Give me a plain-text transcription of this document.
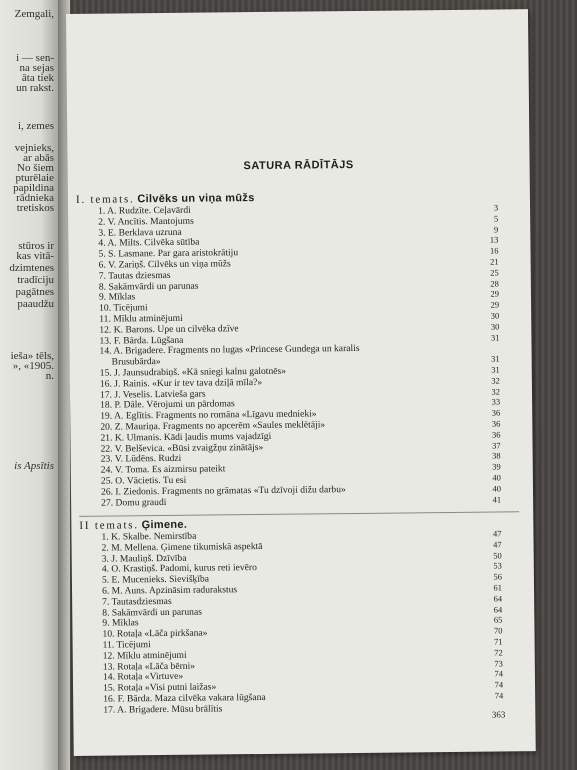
Zemgali,
i — sen-
na sejas
āta tiek
un rakst.
i, zemes
vejnieks,
ar abās
No šiem
pturēlaie
papildina
rādnieka
tretiskos
stūros ir
kas vitā-
dzimtenes
tradīciju
pagātnes
paaudžu
ieša» tēls,
», «1905.
n.
is Apsītis
SATURA RĀDĪTĀJS
I. temats. Cilvēks un viņa mūžs
1. A. Rudzīte. Ceļavārdi	3
2. V. Ancītis. Mantojums	5
3. E. Berklava uzruna	9
4. A. Milts. Cilvēka sūtība	13
5. S. Lasmane. Par gara aristokrātiju	16
6. V. Zariņš. Cilvēks un viņa mūžs	21
7. Tautas dziesmas	25
8. Sakāmvārdi un parunas	28
9. Mīklas	29
10. Ticējumi	29
11. Mīklu atminējumi	30
12. K. Barons. Upe un cilvēka dzīve	30
13. F. Bārda. Lūgšana	31
14. A. Brigadere. Fragments no lugas «Princese Gundega un karalis
Brusubārda»	31
15. J. Jaunsudrabiņš. «Kā sniegi kalnu galotnēs»	31
16. J. Rainis. «Kur ir tev tava dziļā mīla?»	32
17. J. Veselis. Latvieša gars	32
18. P. Dāle. Vērojumi un pārdomas	33
19. A. Eglītis. Fragments no romāna «Līgavu mednieki»	36
20. Z. Mauriņa. Fragments no apcerēm «Saules meklētāji»	36
21. K. Ulmanis. Kādi ļaudis mums vajadzīgi	36
22. V. Belševica. «Būsi zvaigžņu zinātājs»	37
23. V. Lūdēns. Rudzi	38
24. V. Toma. Es aizmirsu pateikt	39
25. O. Vācietis. Tu esi	40
26. I. Ziedonis. Fragments no grāmatas «Tu dzīvoji dižu darbu»	40
27. Domu graudi	41
II temats. Ģimene.
1. K. Skalbe. Nemirstība	47
2. M. Mellena. Ģimene tikumiskā aspektā	47
3. J. Mauliņš. Dzīvība	50
4. O. Krastiņš. Padomi, kurus reti ievēro	53
5. E. Mucenieks. Sievišķība	56
6. M. Auns. Apzināsim radurakstus	61
7. Tautasdziesmas	64
8. Sakāmvārdi un parunas	64
9. Mīklas	65
10. Rotaļa «Lāča pirkšana»	70
11. Ticējumi	71
12. Mīklu atminējumi	72
13. Rotaļa «Lāča bērni»	73
14. Rotaļa «Virtuve»	74
15. Rotaļa «Visi putni laižas»	74
16. F. Bārda. Maza cilvēka vakara lūgšana	74
17. A. Brigadere. Mūsu brālītis	363
